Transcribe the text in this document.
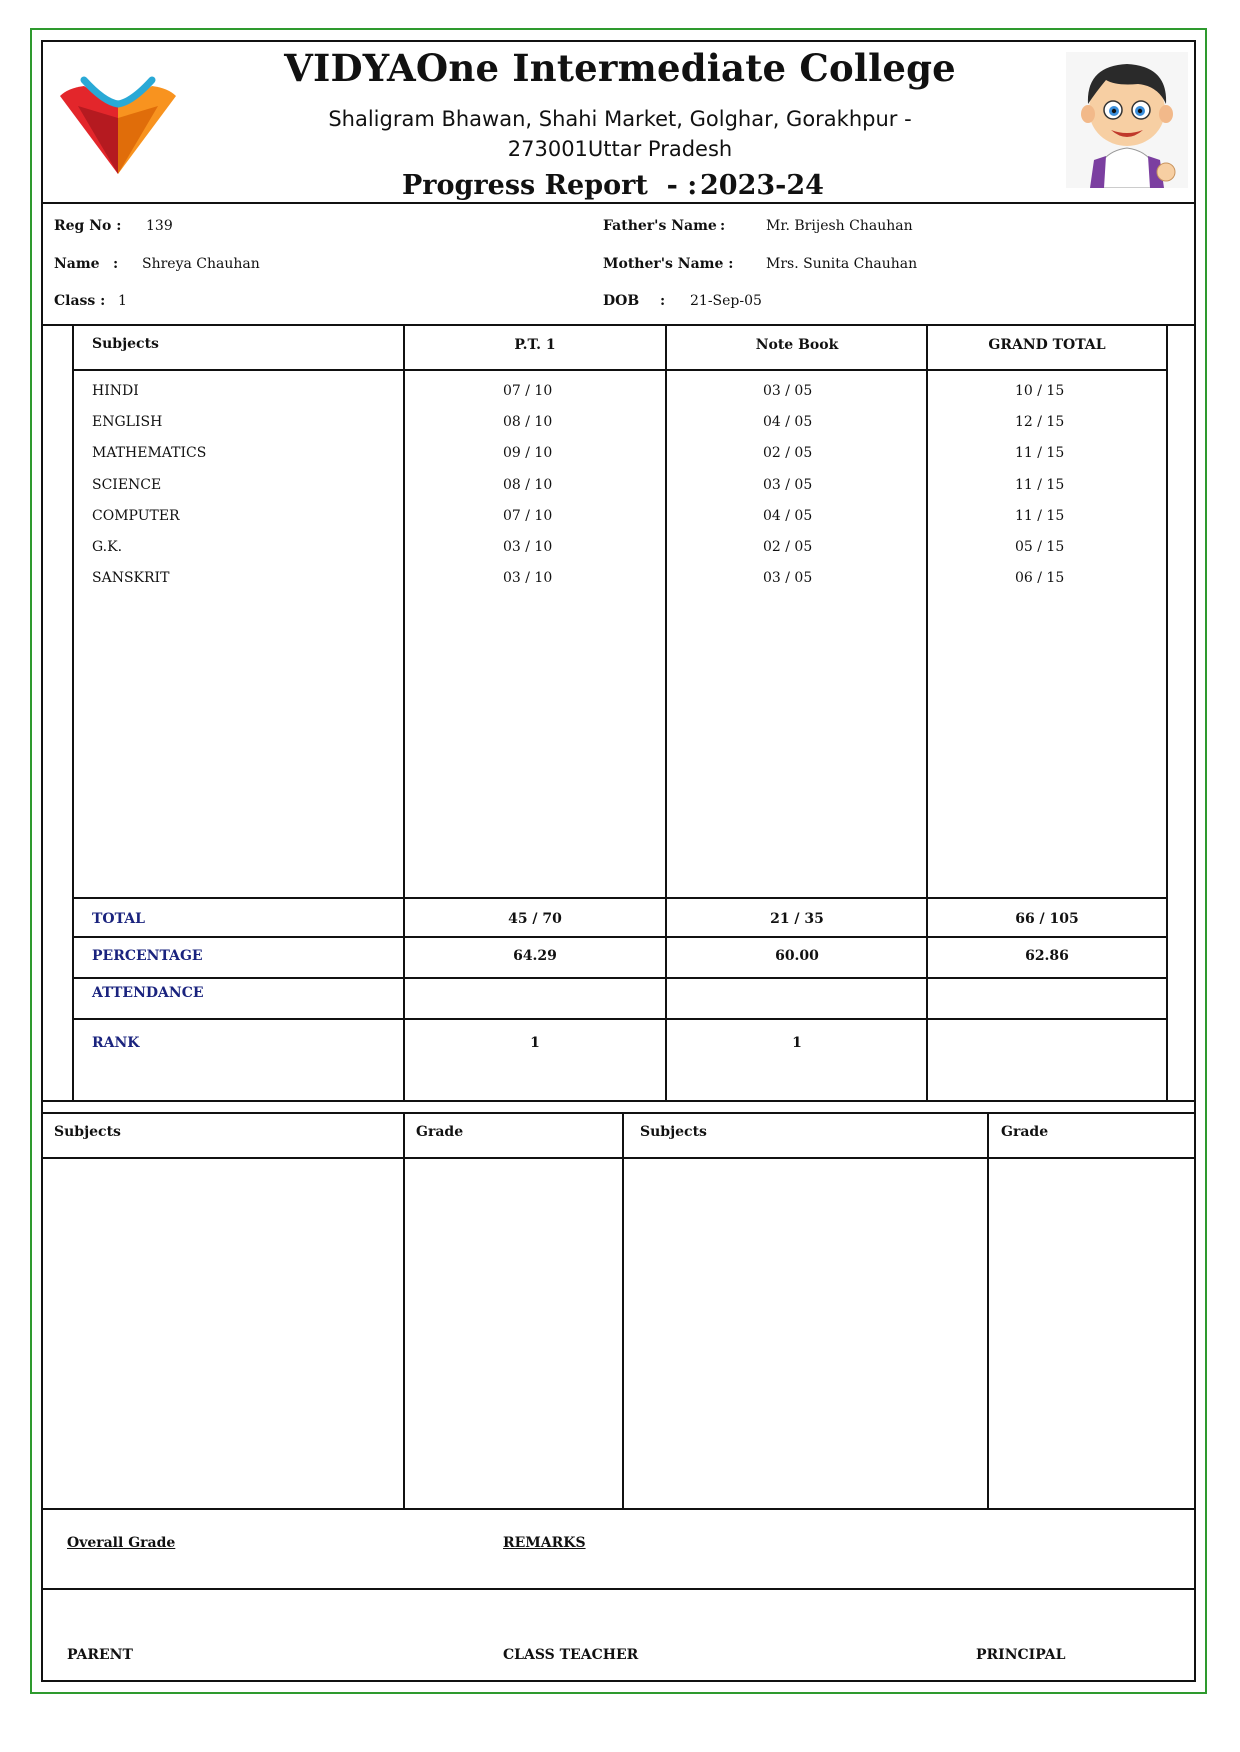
VIDYAOne Intermediate College
Shaligram Bhawan, Shahi Market, Golghar, Gorakhpur - 273001Uttar Pradesh
Progress Report  - : 2023-24
Reg No : 139
Name : Shreya Chauhan
Class : 1
Father's Name :	Mr. Brijesh Chauhan
Mother's Name : Mrs. Sunita Chauhan
DOB : 21-Sep-05
Subjects	P.T. 1	Note Book	GRAND TOTAL
HINDI	07 / 10	03 / 05	10 / 15
ENGLISH	08 / 10	04 / 05	12 / 15
MATHEMATICS	09 / 10	02 / 05	11 / 15
SCIENCE	08 / 10	03 / 05	11 / 15
COMPUTER	07 / 10	04 / 05	11 / 15
G.K.	03 / 10	02 / 05	05 / 15
SANSKRIT	03 / 10	03 / 05	06 / 15
TOTAL	45 / 70	21 / 35	66 / 105
PERCENTAGE	64.29	60.00	62.86
ATTENDANCE
RANK	1	1
Subjects	Grade	Subjects	Grade
Overall Grade	REMARKS
PARENT	CLASS TEACHER	PRINCIPAL
